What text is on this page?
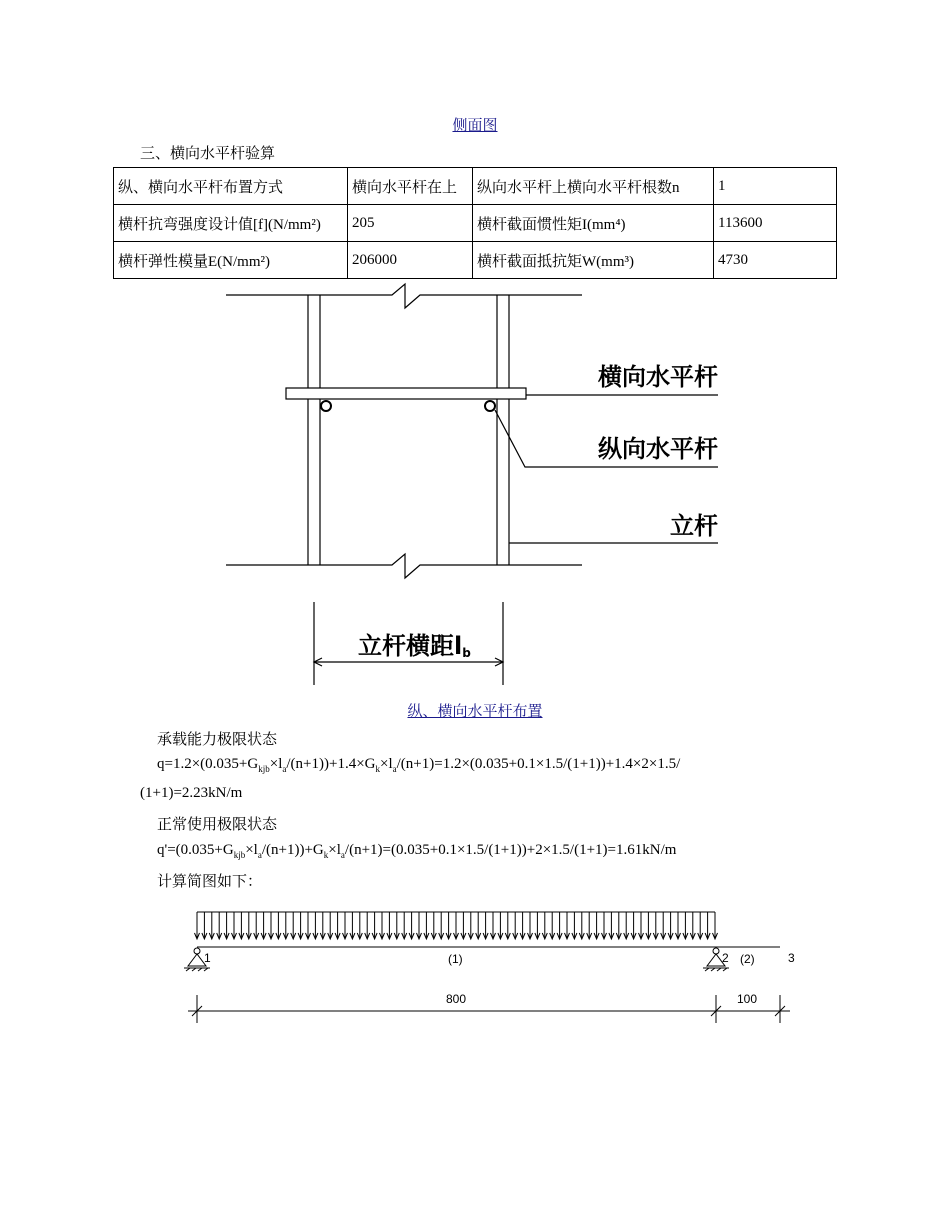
侧面图
三、横向水平杆验算
纵、横向水平杆布置方式	横向水平杆在上	纵向水平杆上横向水平杆根数n	1
横杆抗弯强度设计值[f](N/mm²)	205	横杆截面惯性矩I(mm⁴)	113600
横杆弹性模量E(N/mm²)	206000	横杆截面抵抗矩W(mm³)	4730
横向水平杆
纵向水平杆
立杆
立杆横距lb
纵、横向水平杆布置
承载能力极限状态
$q=1.2\times(0.035+G_{kjb}\times l_a/(n+1))+1.4\times G_k\times l_a/(n+1)=1.2\times(0.035+0.1\times 1.5/(1+1))+1.4\times 2\times 1.5/$
(1+1)=2.23kN/m
正常使用极限状态
$q'=(0.035+G_{kjb}\times l_a/(n+1))+G_k\times l_a/(n+1)=(0.035+0.1\times 1.5/(1+1))+2\times 1.5/(1+1)=1.61kN/m$
计算简图如下：
1	2	3
(1)	(2)
800	100
